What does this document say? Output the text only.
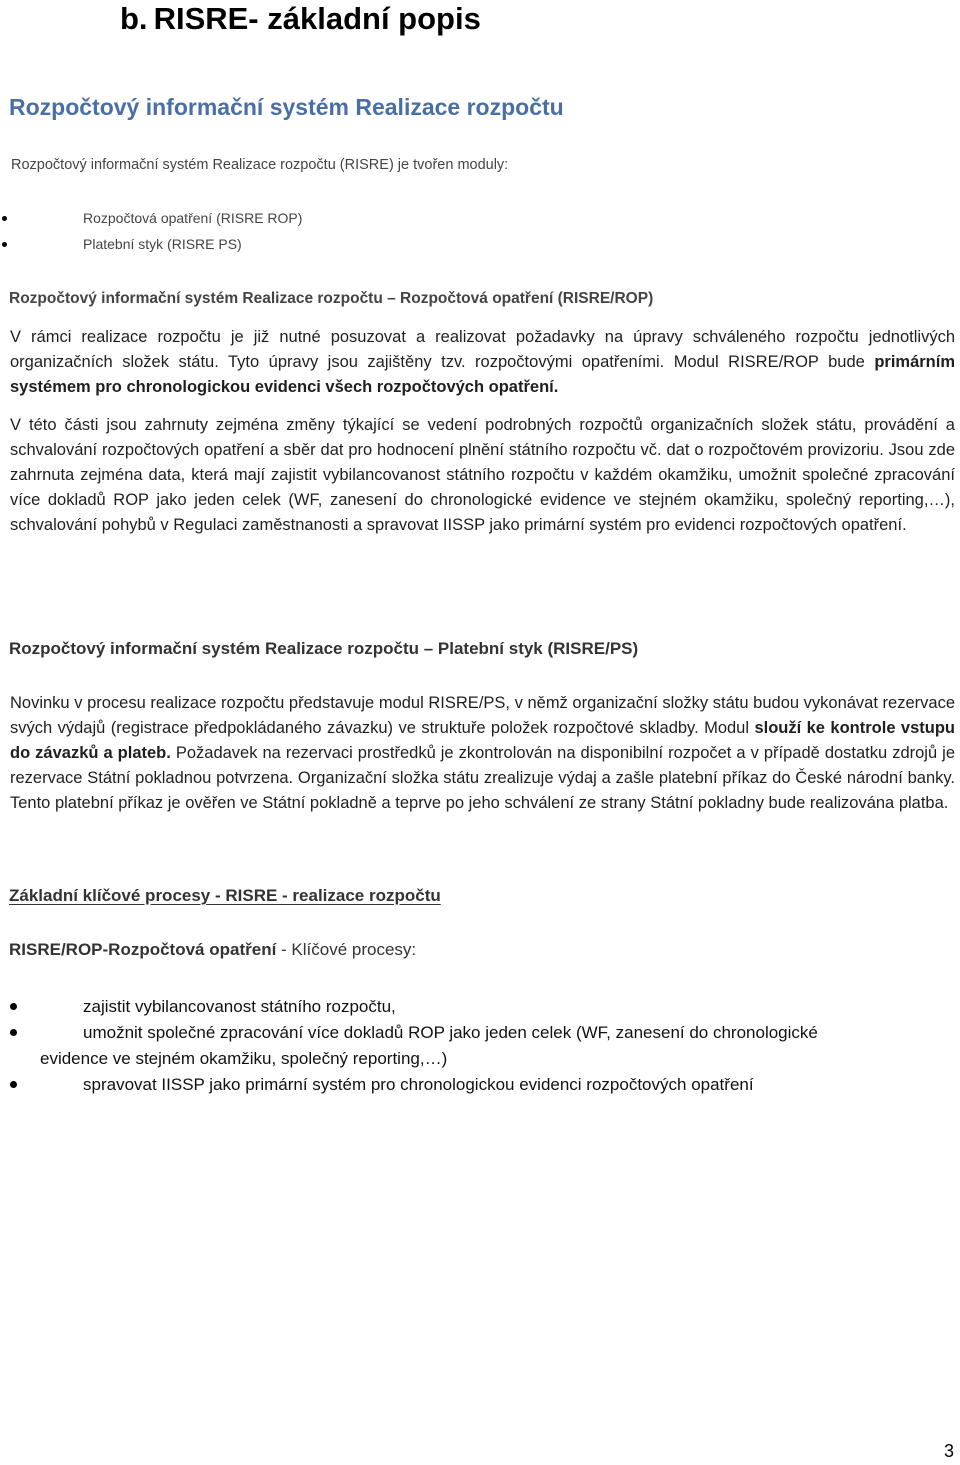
b. RISRE- základní popis
Rozpočtový informační systém Realizace rozpočtu

Rozpočtový informační systém Realizace rozpočtu (RISRE) je tvořen moduly:

Rozpočtová opatření (RISRE ROP)
Platební styk (RISRE PS)
Rozpočtový informační systém Realizace rozpočtu – Rozpočtová opatření (RISRE/ROP)

V rámci realizace rozpočtu je již nutné posuzovat a realizovat požadavky na úpravy schváleného rozpočtu jednotlivých organizačních složek státu. Tyto úpravy jsou zajištěny tzv. rozpočtovými opatřeními. Modul RISRE/ROP bude primárním systémem pro chronologickou evidenci všech rozpočtových opatření.

V této části jsou zahrnuty zejména změny týkající se vedení podrobných rozpočtů organizačních složek státu, provádění a schvalování rozpočtových opatření a sběr dat pro hodnocení plnění státního rozpočtu vč. dat o rozpočtovém provizoriu. Jsou zde zahrnuta zejména data, která mají zajistit vybilancovanost státního rozpočtu v každém okamžiku, umožnit společné zpracování více dokladů ROP jako jeden celek (WF, zanesení do chronologické evidence ve stejném okamžiku, společný reporting,…), schvalování pohybů v Regulaci zaměstnanosti a spravovat IISSP jako primární systém pro evidenci rozpočtových opatření.

Rozpočtový informační systém Realizace rozpočtu – Platební styk (RISRE/PS)

Novinku v procesu realizace rozpočtu představuje modul RISRE/PS, v němž organizační složky státu budou vykonávat rezervace svých výdajů (registrace předpokládaného závazku) ve struktuře položek rozpočtové skladby. Modul slouží ke kontrole vstupu do závazků a plateb. Požadavek na rezervaci prostředků je zkontrolován na disponibilní rozpočet a v případě dostatku zdrojů je rezervace Státní pokladnou potvrzena. Organizační složka státu zrealizuje výdaj a zašle platební příkaz do České národní banky. Tento platební příkaz je ověřen ve Státní pokladně a teprve po jeho schválení ze strany Státní pokladny bude realizována platba.

Základní klíčové procesy - RISRE - realizace rozpočtu

RISRE/ROP-Rozpočtová opatření - Klíčové procesy:

zajistit vybilancovanost státního rozpočtu,
umožnit společné zpracování více dokladů ROP jako jeden celek (WF, zanesení do chronologické
evidence ve stejném okamžiku, společný reporting,…)
spravovat IISSP jako primární systém pro chronologickou evidenci rozpočtových opatření
3
